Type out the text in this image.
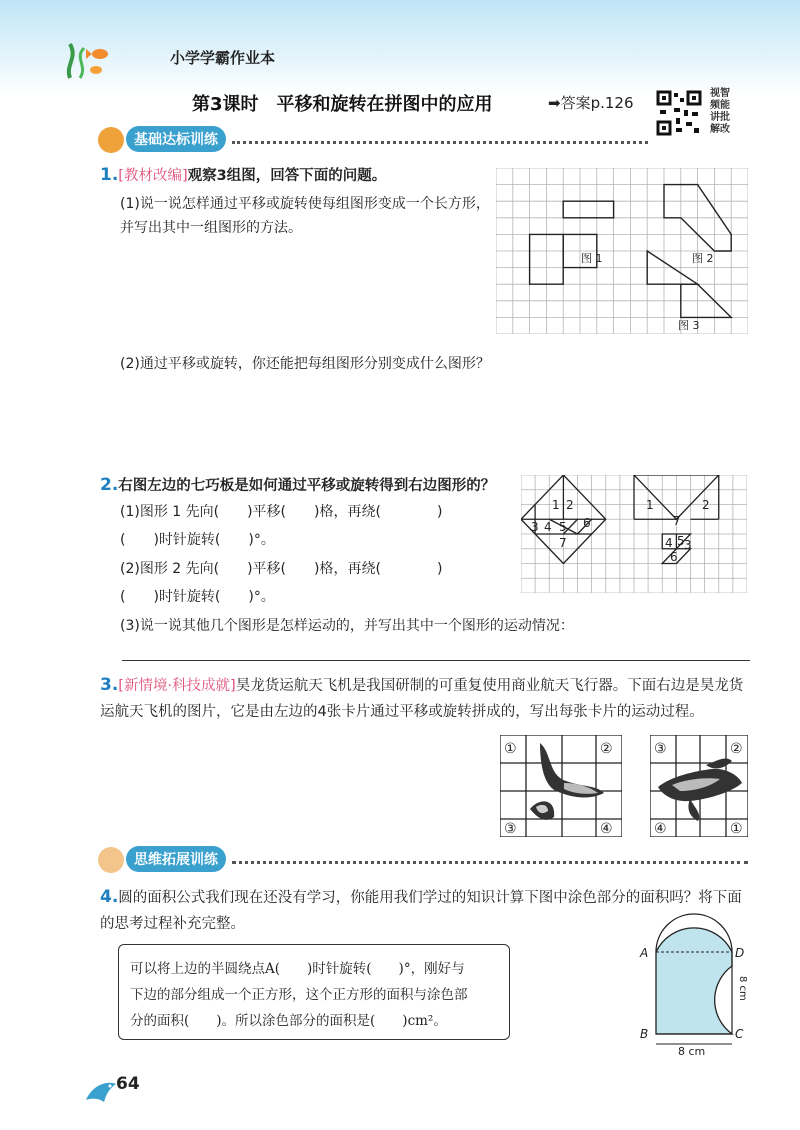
小学学霸作业本
第3课时　平移和旋转在拼图中的应用	➡答案p.126
视智
频能
讲批
解改
基础达标训练
1.[教材改编]观察3组图，回答下面的问题。
(1)说一说怎样通过平移或旋转使每组图形变成一个长方形，并写出其中一组图形的方法。
图 1	图 2
图 3
(2)通过平移或旋转，你还能把每组图形分别变成什么图形？
2.右图左边的七巧板是如何通过平移或旋转得到右边图形的？
(1)图形 1 先向(　　)平移(　　)格，再绕(　　　　)
(　　)时针旋转(　　)°。
(2)图形 2 先向(　　)平移(　　)格，再绕(　　　　)
(　　)时针旋转(　　)°。
(3)说一说其他几个图形是怎样运动的，并写出其中一个图形的运动情况：
1 2
3 4 5 6
7
1	2
7
4 5 3
6
3.[新情境·科技成就]昊龙货运航天飞机是我国研制的可重复使用商业航天飞行器。下面右边是昊龙货运航天飞机的图片，它是由左边的4张卡片通过平移或旋转拼成的，写出每张卡片的运动过程。
①	②
③	④
③	②
④	①
思维拓展训练
4.圆的面积公式我们现在还没有学习，你能用我们学过的知识计算下图中涂色部分的面积吗？将下面的思考过程补充完整。
可以将上边的半圆绕点A(　　)时针旋转(　　)°，刚好与
下边的部分组成一个正方形，这个正方形的面积与涂色部
分的面积(　　)。所以涂色部分的面积是(　　)cm²。
A	D
B	C
8 cm
8 cm
64
